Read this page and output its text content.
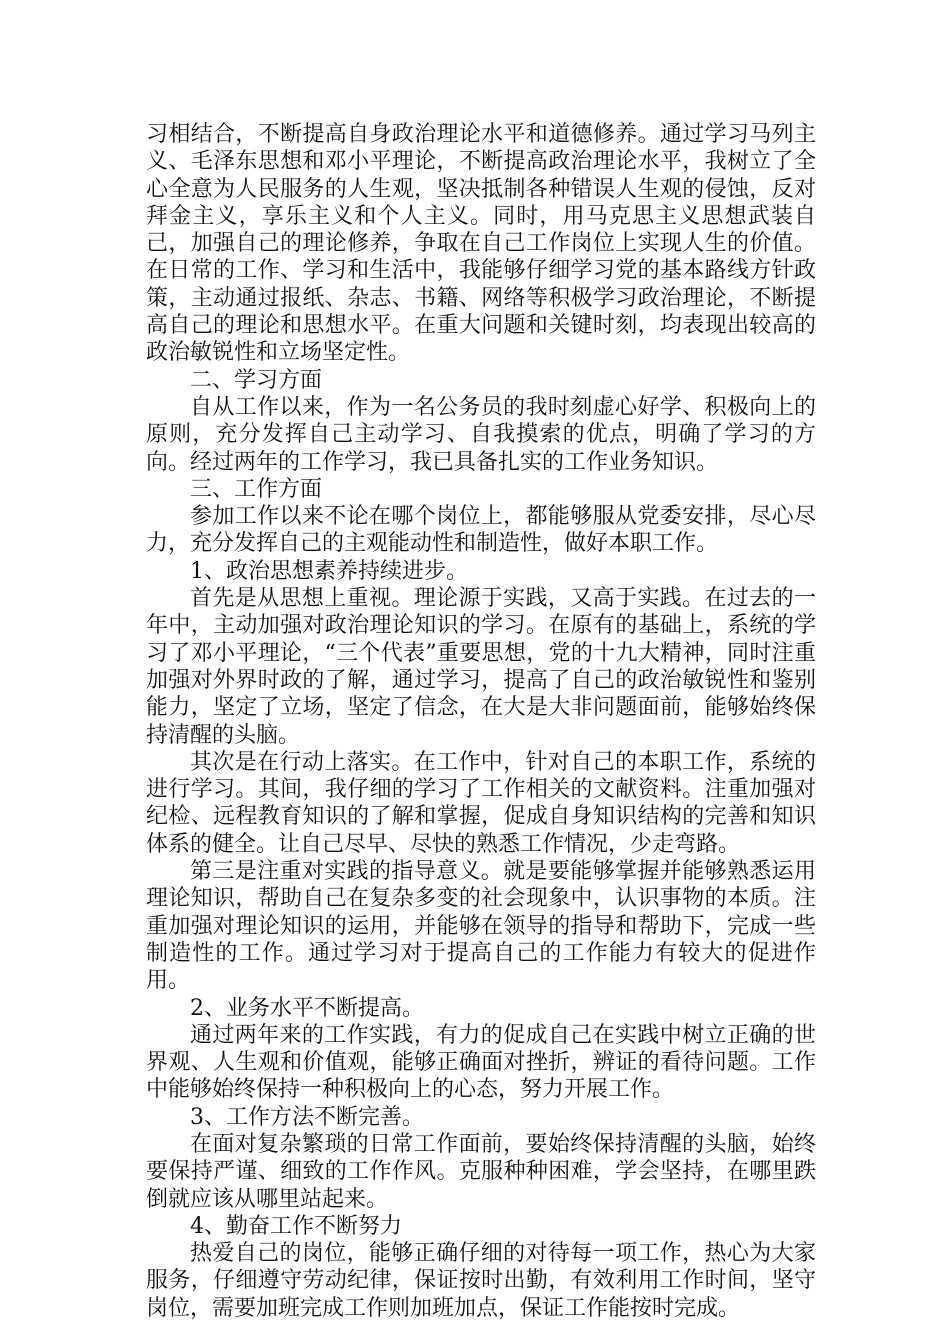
习相结合，不断提高自身政治理论水平和道德修养。通过学习马列主义、毛泽东思想和邓小平理论，不断提高政治理论水平，我树立了全心全意为人民服务的人生观，坚决抵制各种错误人生观的侵蚀，反对拜金主义，享乐主义和个人主义。同时，用马克思主义思想武装自己，加强自己的理论修养，争取在自己工作岗位上实现人生的价值。在日常的工作、学习和生活中，我能够仔细学习党的基本路线方针政策，主动通过报纸、杂志、书籍、网络等积极学习政治理论，不断提高自己的理论和思想水平。在重大问题和关键时刻，均表现出较高的政治敏锐性和立场坚定性。

二、学习方面

自从工作以来，作为一名公务员的我时刻虚心好学、积极向上的原则，充分发挥自己主动学习、自我摸索的优点，明确了学习的方向。经过两年的工作学习，我已具备扎实的工作业务知识。

三、工作方面

参加工作以来不论在哪个岗位上，都能够服从党委安排，尽心尽力，充分发挥自己的主观能动性和制造性，做好本职工作。

1、政治思想素养持续进步。

首先是从思想上重视。理论源于实践，又高于实践。在过去的一年中，主动加强对政治理论知识的学习。在原有的基础上，系统的学习了邓小平理论，“三个代表”重要思想，党的十九大精神，同时注重加强对外界时政的了解，通过学习，提高了自己的政治敏锐性和鉴别能力，坚定了立场，坚定了信念，在大是大非问题面前，能够始终保持清醒的头脑。

其次是在行动上落实。在工作中，针对自己的本职工作，系统的进行学习。其间，我仔细的学习了工作相关的文献资料。注重加强对纪检、远程教育知识的了解和掌握，促成自身知识结构的完善和知识体系的健全。让自己尽早、尽快的熟悉工作情况，少走弯路。

第三是注重对实践的指导意义。就是要能够掌握并能够熟悉运用理论知识，帮助自己在复杂多变的社会现象中，认识事物的本质。注重加强对理论知识的运用，并能够在领导的指导和帮助下，完成一些制造性的工作。通过学习对于提高自己的工作能力有较大的促进作用。

2、业务水平不断提高。

通过两年来的工作实践，有力的促成自己在实践中树立正确的世界观、人生观和价值观，能够正确面对挫折，辨证的看待问题。工作中能够始终保持一种积极向上的心态，努力开展工作。

3、工作方法不断完善。

在面对复杂繁琐的日常工作面前，要始终保持清醒的头脑，始终要保持严谨、细致的工作作风。克服种种困难，学会坚持，在哪里跌倒就应该从哪里站起来。

4、勤奋工作不断努力

热爱自己的岗位，能够正确仔细的对待每一项工作，热心为大家服务，仔细遵守劳动纪律，保证按时出勤，有效利用工作时间，坚守岗位，需要加班完成工作则加班加点，保证工作能按时完成。
